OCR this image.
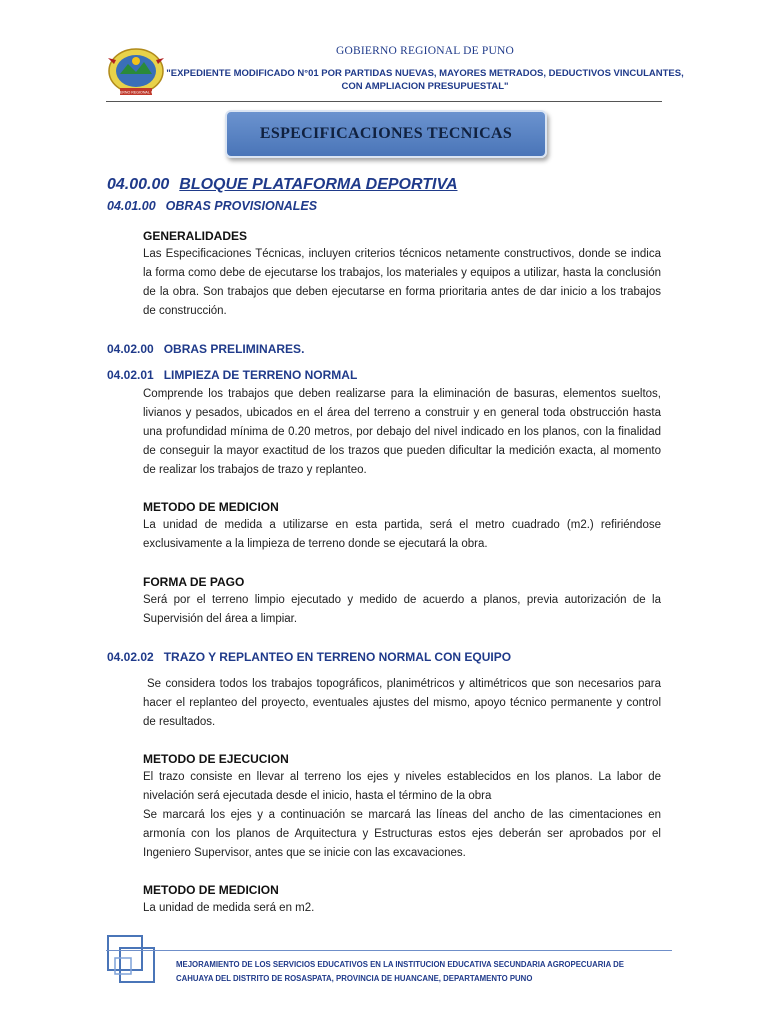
GOBIERNO REGIONAL PUNO
GOBIERNO REGIONAL DE PUNO
"EXPEDIENTE MODIFICADO N°01 POR PARTIDAS NUEVAS, MAYORES METRADOS, DEDUCTIVOS VINCULANTES,
CON AMPLIACION PRESUPUESTAL"
ESPECIFICACIONES TECNICAS
04.00.00 BLOQUE PLATAFORMA DEPORTIVA
04.01.00 OBRAS PROVISIONALES
GENERALIDADES

Las Especificaciones Técnicas, incluyen criterios técnicos netamente constructivos, donde se indica la forma como debe de ejecutarse los trabajos, los materiales y equipos a utilizar, hasta la conclusión de la obra. Son trabajos que deben ejecutarse en forma prioritaria antes de dar inicio a los trabajos de construcción.

04.02.00 OBRAS PRELIMINARES.
04.02.01 LIMPIEZA DE TERRENO NORMAL

Comprende los trabajos que deben realizarse para la eliminación de basuras, elementos sueltos, livianos y pesados, ubicados en el área del terreno a construir y en general toda obstrucción hasta una profundidad mínima de 0.20 metros, por debajo del nivel indicado en los planos, con la finalidad de conseguir la mayor exactitud de los trazos que pueden dificultar la medición exacta, al momento de realizar los trabajos de trazo y replanteo.

METODO DE MEDICION

La unidad de medida a utilizarse en esta partida, será el metro cuadrado (m2.) refiriéndose exclusivamente a la limpieza de terreno donde se ejecutará la obra.

FORMA DE PAGO

Será por el terreno limpio ejecutado y medido de acuerdo a planos, previa autorización de la Supervisión del área a limpiar.

04.02.02 TRAZO Y REPLANTEO EN TERRENO NORMAL CON EQUIPO

Se considera todos los trabajos topográficos, planimétricos y altimétricos que son necesarios para hacer el replanteo del proyecto, eventuales ajustes del mismo, apoyo técnico permanente y control de resultados.

METODO DE EJECUCION

El trazo consiste en llevar al terreno los ejes y niveles establecidos en los planos. La labor de nivelación será ejecutada desde el inicio, hasta el término de la obra

Se marcará los ejes y a continuación se marcará las líneas del ancho de las cimentaciones en armonía con los planos de Arquitectura y Estructuras estos ejes deberán ser aprobados por el Ingeniero Supervisor, antes que se inicie con las excavaciones.

METODO DE MEDICION

La unidad de medida será en m2.

MEJORAMIENTO DE LOS SERVICIOS EDUCATIVOS EN LA INSTITUCION EDUCATIVA SECUNDARIA AGROPECUARIA DE
CAHUAYA DEL DISTRITO DE ROSASPATA, PROVINCIA DE HUANCANE, DEPARTAMENTO PUNO
